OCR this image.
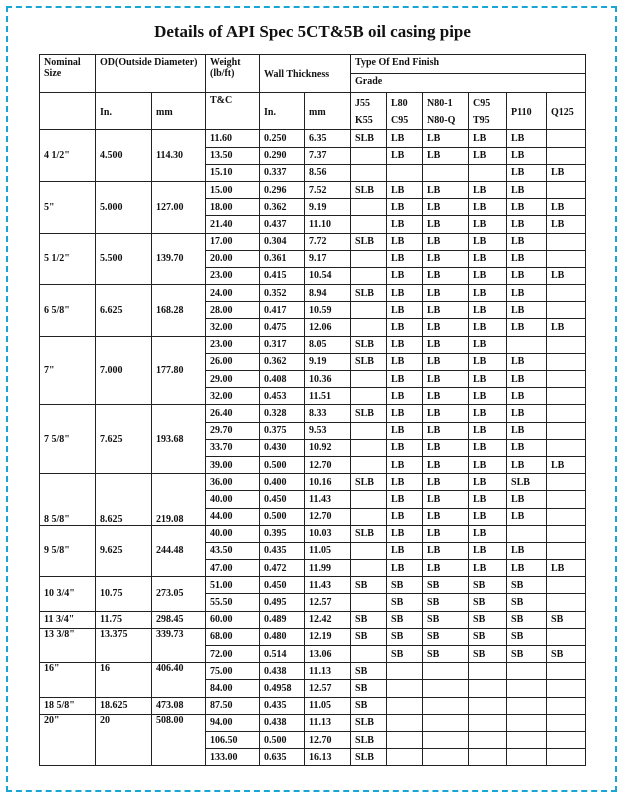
Details of API Spec 5CT&5B oil casing pipe
Nominal Size	OD(Outside Diameter)		Weight (lb/ft)	Wall Thickness		Type Of End Finish					
						Grade					
	In.	mm	T&C	In.	mm	J55 K55	L80 C95	N80-1 N80-Q	C95 T95	P110	Q125
4 1/2"	4.500	114.30	11.60	0.250	6.35	SLB	LB	LB	LB	LB	
			13.50	0.290	7.37		LB	LB	LB	LB	
			15.10	0.337	8.56					LB	LB
5"	5.000	127.00	15.00	0.296	7.52	SLB	LB	LB	LB	LB	
			18.00	0.362	9.19		LB	LB	LB	LB	LB
			21.40	0.437	11.10		LB	LB	LB	LB	LB
5 1/2"	5.500	139.70	17.00	0.304	7.72	SLB	LB	LB	LB	LB	
			20.00	0.361	9.17		LB	LB	LB	LB	
			23.00	0.415	10.54		LB	LB	LB	LB	LB
6 5/8"	6.625	168.28	24.00	0.352	8.94	SLB	LB	LB	LB	LB	
			28.00	0.417	10.59		LB	LB	LB	LB	
			32.00	0.475	12.06		LB	LB	LB	LB	LB
7"	7.000	177.80	23.00	0.317	8.05	SLB	LB	LB	LB		
			26.00	0.362	9.19	SLB	LB	LB	LB	LB	
			29.00	0.408	10.36		LB	LB	LB	LB	
			32.00	0.453	11.51		LB	LB	LB	LB	
7 5/8"	7.625	193.68	26.40	0.328	8.33	SLB	LB	LB	LB	LB	
			29.70	0.375	9.53		LB	LB	LB	LB	
			33.70	0.430	10.92		LB	LB	LB	LB	
			39.00	0.500	12.70		LB	LB	LB	LB	LB
8 5/8"	8.625	219.08	36.00	0.400	10.16	SLB	LB	LB	LB	SLB	
			40.00	0.450	11.43		LB	LB	LB	LB	
			44.00	0.500	12.70		LB	LB	LB	LB	
9 5/8"	9.625	244.48	40.00	0.395	10.03	SLB	LB	LB	LB		
			43.50	0.435	11.05		LB	LB	LB	LB	
			47.00	0.472	11.99		LB	LB	LB	LB	LB
10 3/4"	10.75	273.05	51.00	0.450	11.43	SB	SB	SB	SB	SB	
			55.50	0.495	12.57		SB	SB	SB	SB	
11 3/4"	11.75	298.45	60.00	0.489	12.42	SB	SB	SB	SB	SB	SB
13 3/8"	13.375	339.73	68.00	0.480	12.19	SB	SB	SB	SB	SB	
			72.00	0.514	13.06		SB	SB	SB	SB	SB
16"	16	406.40	75.00	0.438	11.13	SB					
			84.00	0.4958	12.57	SB					
18 5/8"	18.625	473.08	87.50	0.435	11.05	SB					
20"	20	508.00	94.00	0.438	11.13	SLB					
			106.50	0.500	12.70	SLB					
			133.00	0.635	16.13	SLB					
